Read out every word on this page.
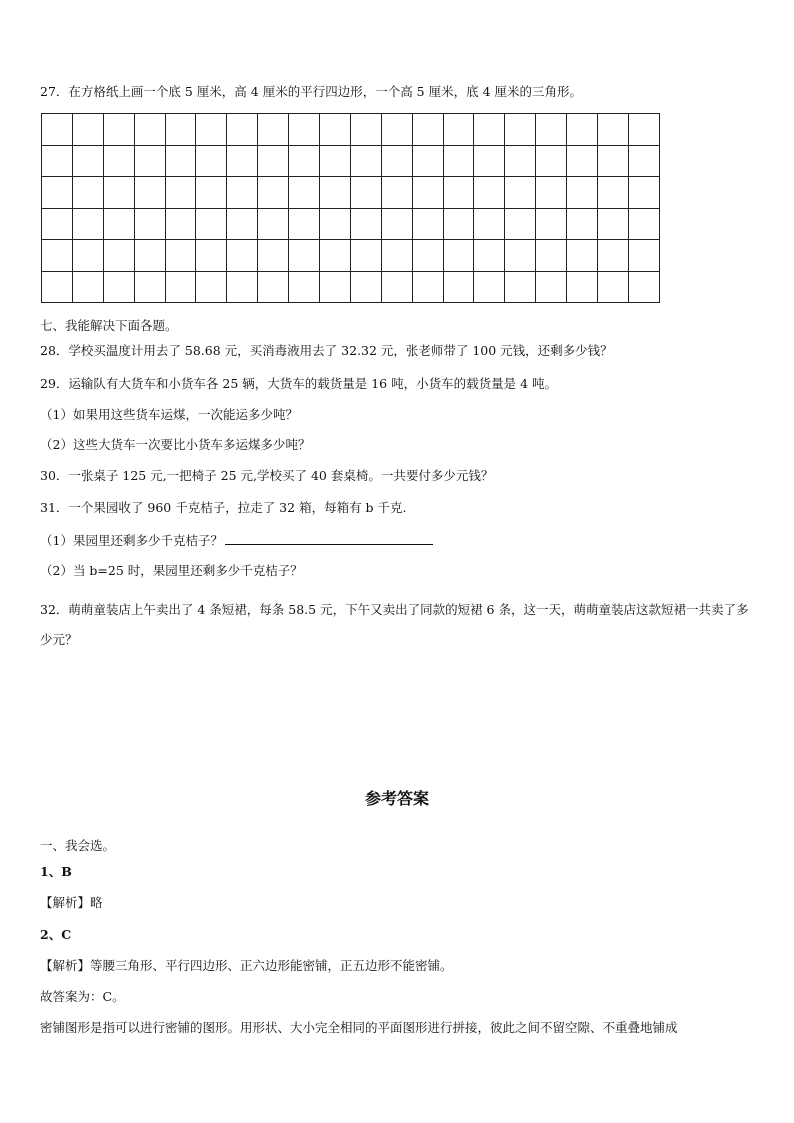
27．在方格纸上画一个底 5 厘米，高 4 厘米的平行四边形，一个高 5 厘米，底 4 厘米的三角形。

七、我能解决下面各题。
28．学校买温度计用去了 58.68 元，买消毒液用去了 32.32 元，张老师带了 100 元钱，还剩多少钱？
29．运输队有大货车和小货车各 25 辆，大货车的载货量是 16 吨，小货车的载货量是 4 吨。
（1）如果用这些货车运煤，一次能运多少吨？
（2）这些大货车一次要比小货车多运煤多少吨？
30．一张桌子 125 元,一把椅子 25 元,学校买了 40 套桌椅。一共要付多少元钱？
31．一个果园收了 960 千克桔子，拉走了 32 箱，每箱有 b 千克.
（1）果园里还剩多少千克桔子？
（2）当 b=25 时，果园里还剩多少千克桔子？
32．萌萌童装店上午卖出了 4 条短裙，每条 58.5 元，下午又卖出了同款的短裙 6 条，这一天，萌萌童装店这款短裙一共卖了多少元？
参考答案
一、我会选。
1、B
【解析】略
2、C
【解析】等腰三角形、平行四边形、正六边形能密铺，正五边形不能密铺。
故答案为：C。
密铺图形是指可以进行密铺的图形。用形状、大小完全相同的平面图形进行拼接，彼此之间不留空隙、不重叠地铺成
